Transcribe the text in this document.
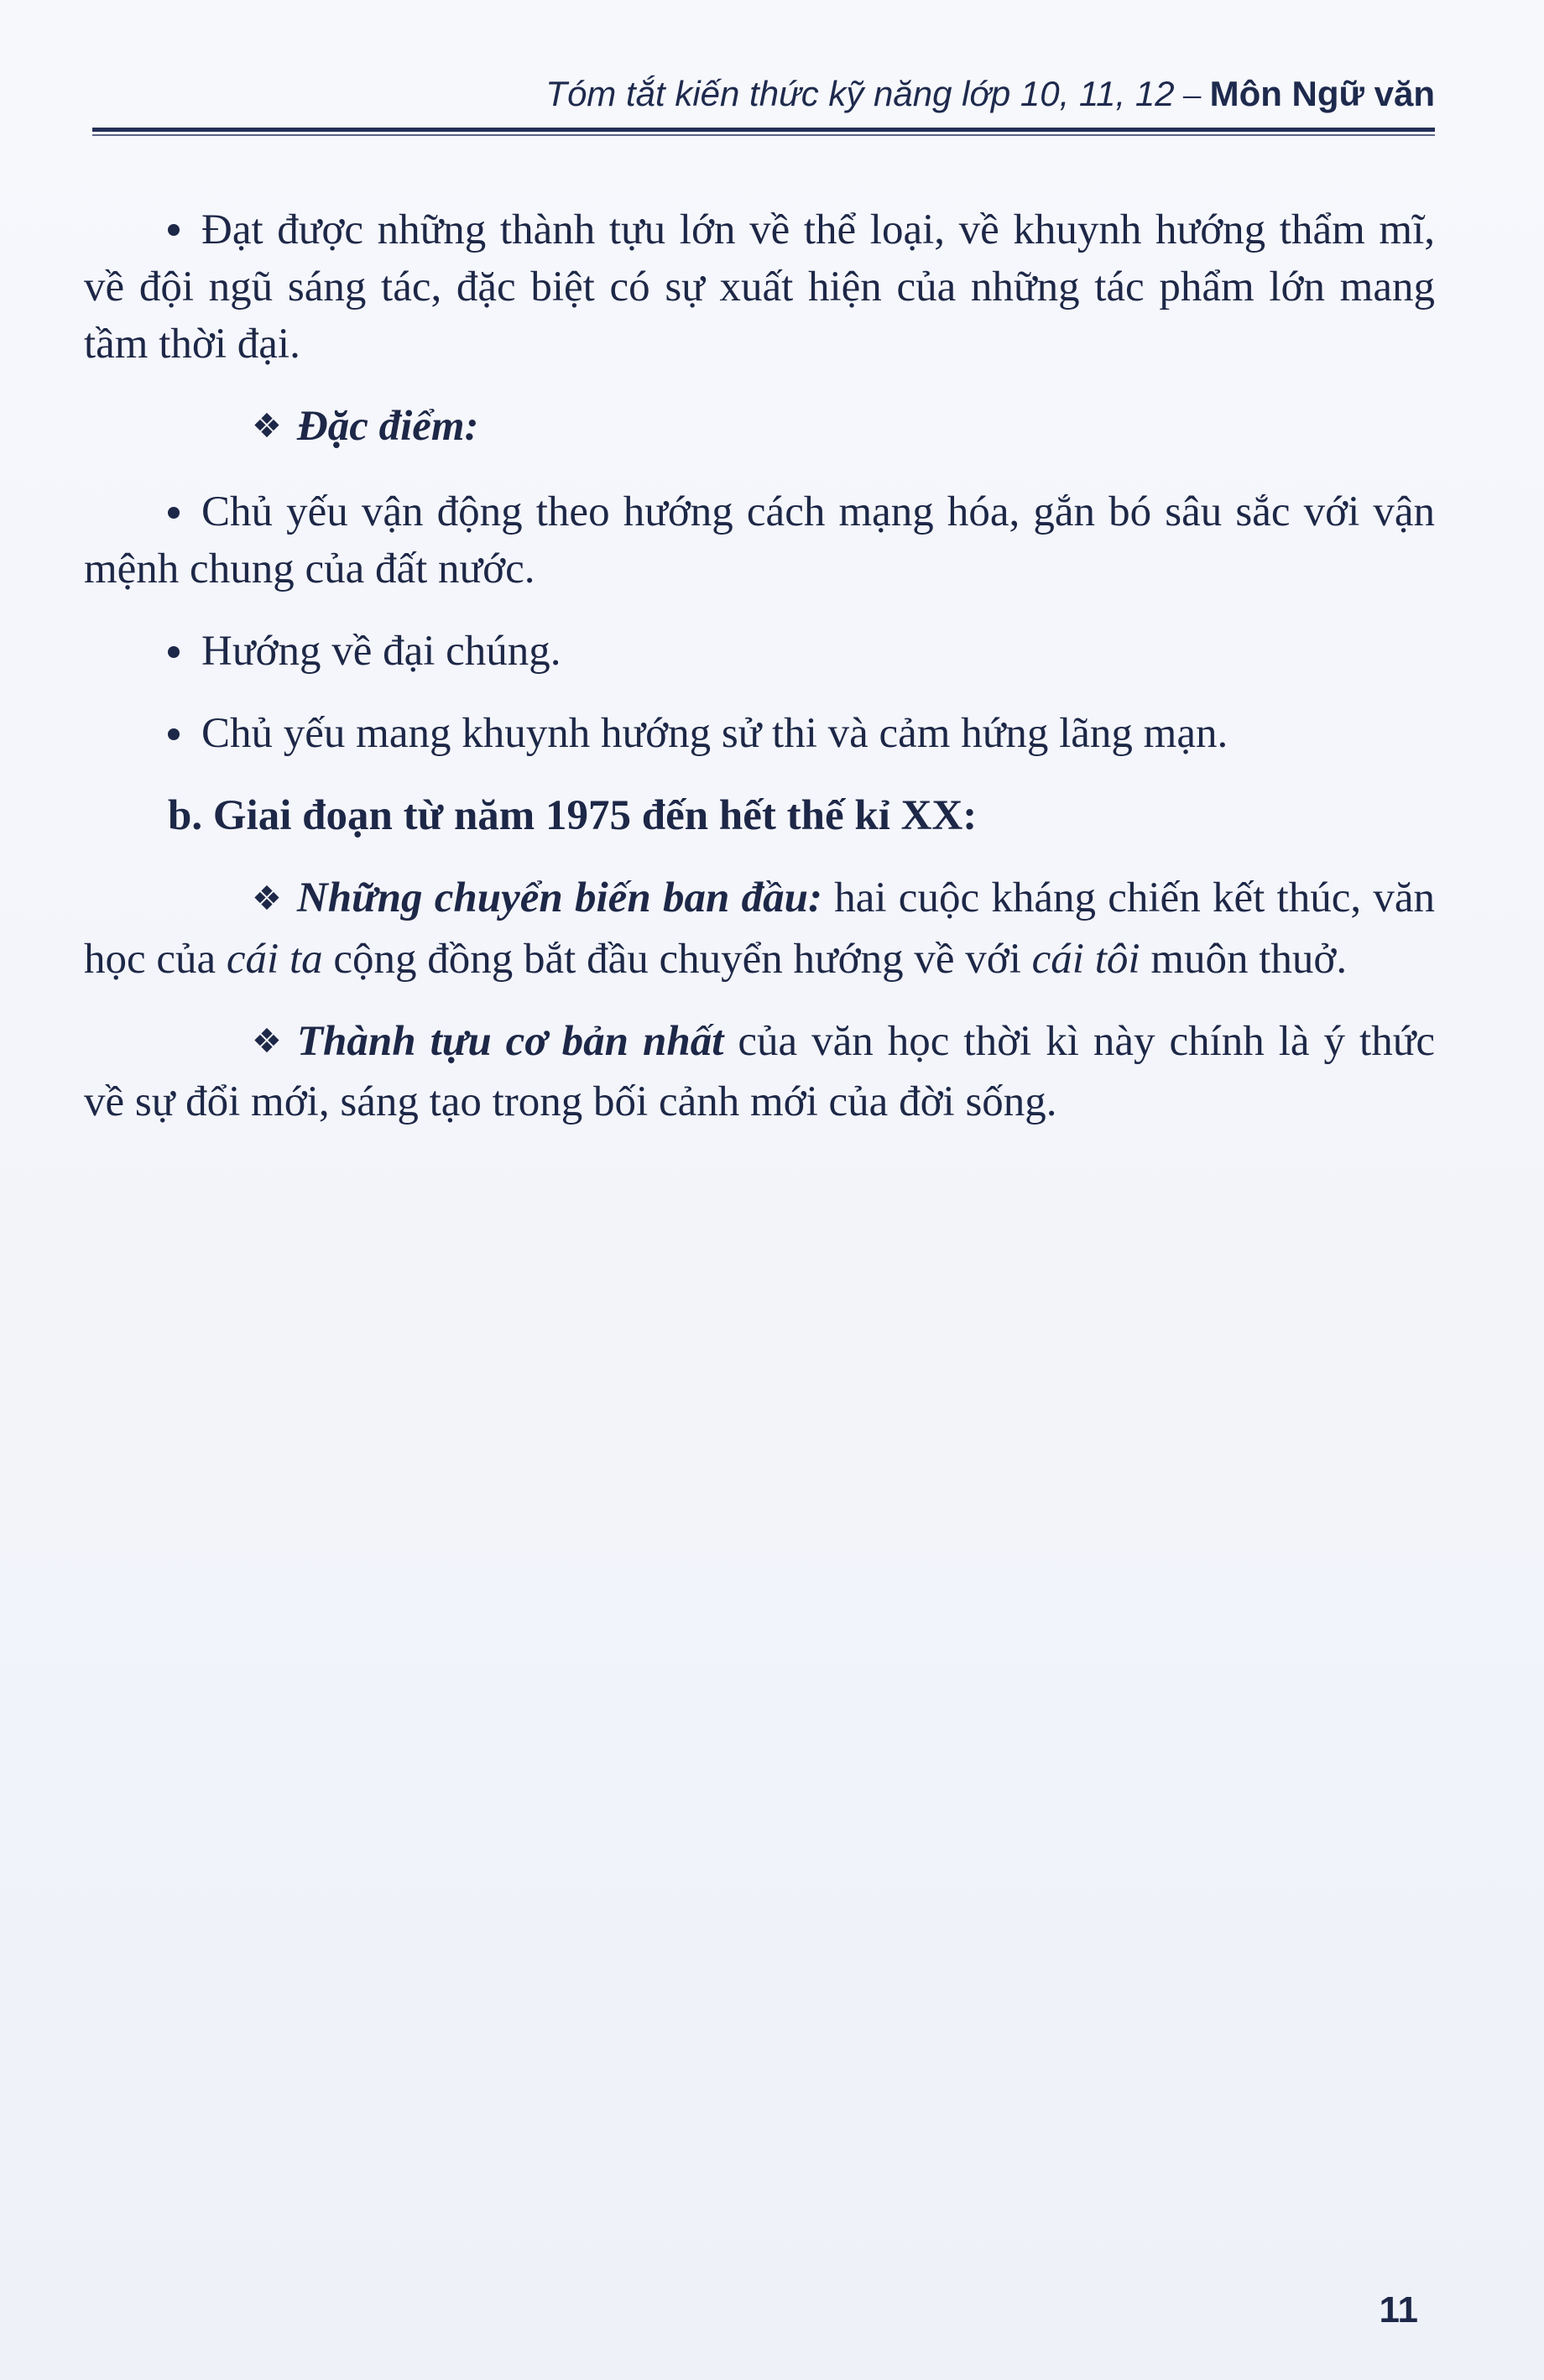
Tóm tắt kiến thức kỹ năng lớp 10, 11, 12 – Môn Ngữ văn

Đạt được những thành tựu lớn về thể loại, về khuynh hướng thẩm mĩ, về đội ngũ sáng tác, đặc biệt có sự xuất hiện của những tác phẩm lớn mang tầm thời đại.

❖ Đặc điểm:

Chủ yếu vận động theo hướng cách mạng hóa, gắn bó sâu sắc với vận mệnh chung của đất nước.

Hướng về đại chúng.

Chủ yếu mang khuynh hướng sử thi và cảm hứng lãng mạn.

b. Giai đoạn từ năm 1975 đến hết thế kỉ XX:

❖ Những chuyển biến ban đầu: hai cuộc kháng chiến kết thúc, văn học của cái ta cộng đồng bắt đầu chuyển hướng về với cái tôi muôn thuở.

❖ Thành tựu cơ bản nhất của văn học thời kì này chính là ý thức về sự đổi mới, sáng tạo trong bối cảnh mới của đời sống.

11
